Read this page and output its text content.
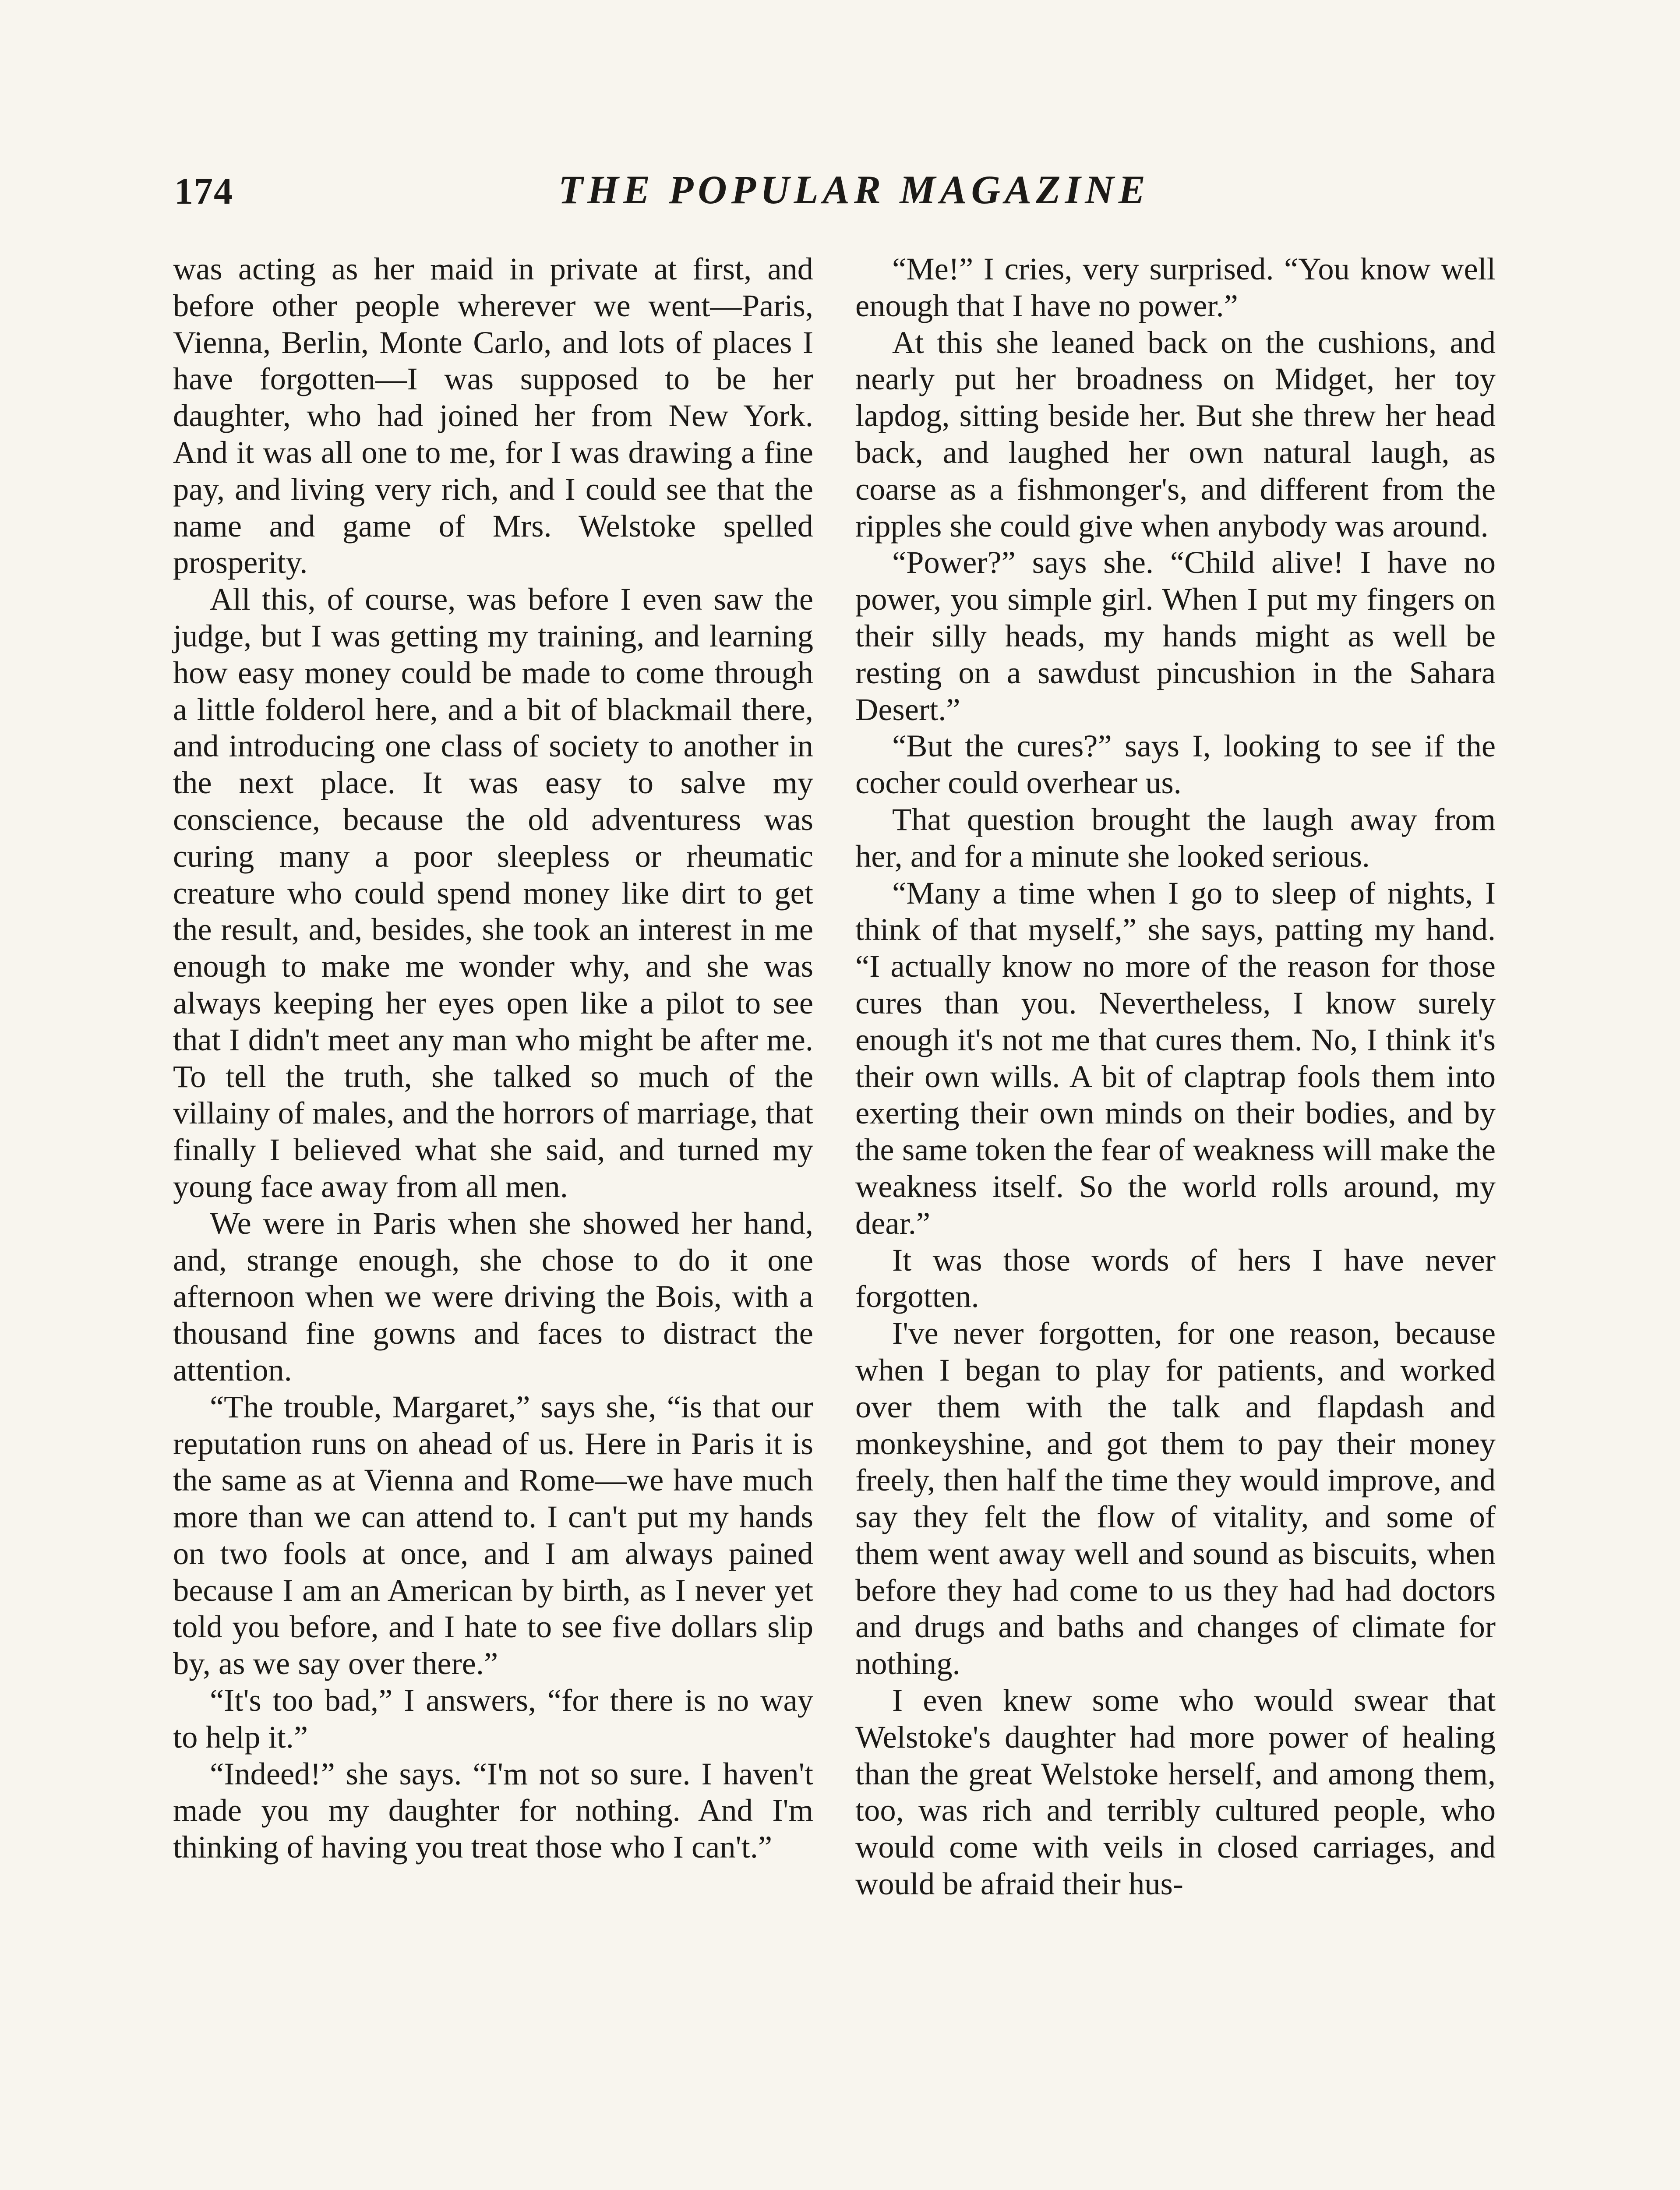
174	THE POPULAR MAGAZINE

was acting as her maid in private at first, and before other people wherever we went—Paris, Vienna, Berlin, Monte Carlo, and lots of places I have forgotten—I was supposed to be her daughter, who had joined her from New York. And it was all one to me, for I was drawing a fine pay, and living very rich, and I could see that the name and game of Mrs. Welstoke spelled prosperity.

All this, of course, was before I even saw the judge, but I was getting my training, and learning how easy money could be made to come through a little folderol here, and a bit of blackmail there, and introducing one class of society to another in the next place. It was easy to salve my conscience, because the old adventuress was curing many a poor sleepless or rheumatic creature who could spend money like dirt to get the result, and, besides, she took an interest in me enough to make me wonder why, and she was always keeping her eyes open like a pilot to see that I didn't meet any man who might be after me. To tell the truth, she talked so much of the villainy of males, and the horrors of marriage, that finally I believed what she said, and turned my young face away from all men.

We were in Paris when she showed her hand, and, strange enough, she chose to do it one afternoon when we were driving the Bois, with a thousand fine gowns and faces to distract the attention.

“The trouble, Margaret,” says she, “is that our reputation runs on ahead of us. Here in Paris it is the same as at Vienna and Rome—we have much more than we can attend to. I can't put my hands on two fools at once, and I am always pained because I am an American by birth, as I never yet told you before, and I hate to see five dollars slip by, as we say over there.”

“It's too bad,” I answers, “for there is no way to help it.”

“Indeed!” she says. “I'm not so sure. I haven't made you my daughter for nothing. And I'm thinking of having you treat those who I can't.”

“Me!” I cries, very surprised. “You know well enough that I have no power.”

At this she leaned back on the cushions, and nearly put her broadness on Midget, her toy lapdog, sitting beside her. But she threw her head back, and laughed her own natural laugh, as coarse as a fishmonger's, and different from the ripples she could give when anybody was around.

“Power?” says she. “Child alive! I have no power, you simple girl. When I put my fingers on their silly heads, my hands might as well be resting on a sawdust pincushion in the Sahara Desert.”

“But the cures?” says I, looking to see if the cocher could overhear us.

That question brought the laugh away from her, and for a minute she looked serious.

“Many a time when I go to sleep of nights, I think of that myself,” she says, patting my hand. “I actually know no more of the reason for those cures than you. Nevertheless, I know surely enough it's not me that cures them. No, I think it's their own wills. A bit of claptrap fools them into exerting their own minds on their bodies, and by the same token the fear of weakness will make the weakness itself. So the world rolls around, my dear.”

It was those words of hers I have never forgotten.

I've never forgotten, for one reason, because when I began to play for patients, and worked over them with the talk and flapdash and monkeyshine, and got them to pay their money freely, then half the time they would improve, and say they felt the flow of vitality, and some of them went away well and sound as biscuits, when before they had come to us they had had doctors and drugs and baths and changes of climate for nothing.

I even knew some who would swear that Welstoke's daughter had more power of healing than the great Welstoke herself, and among them, too, was rich and terribly cultured people, who would come with veils in closed carriages, and would be afraid their hus-
